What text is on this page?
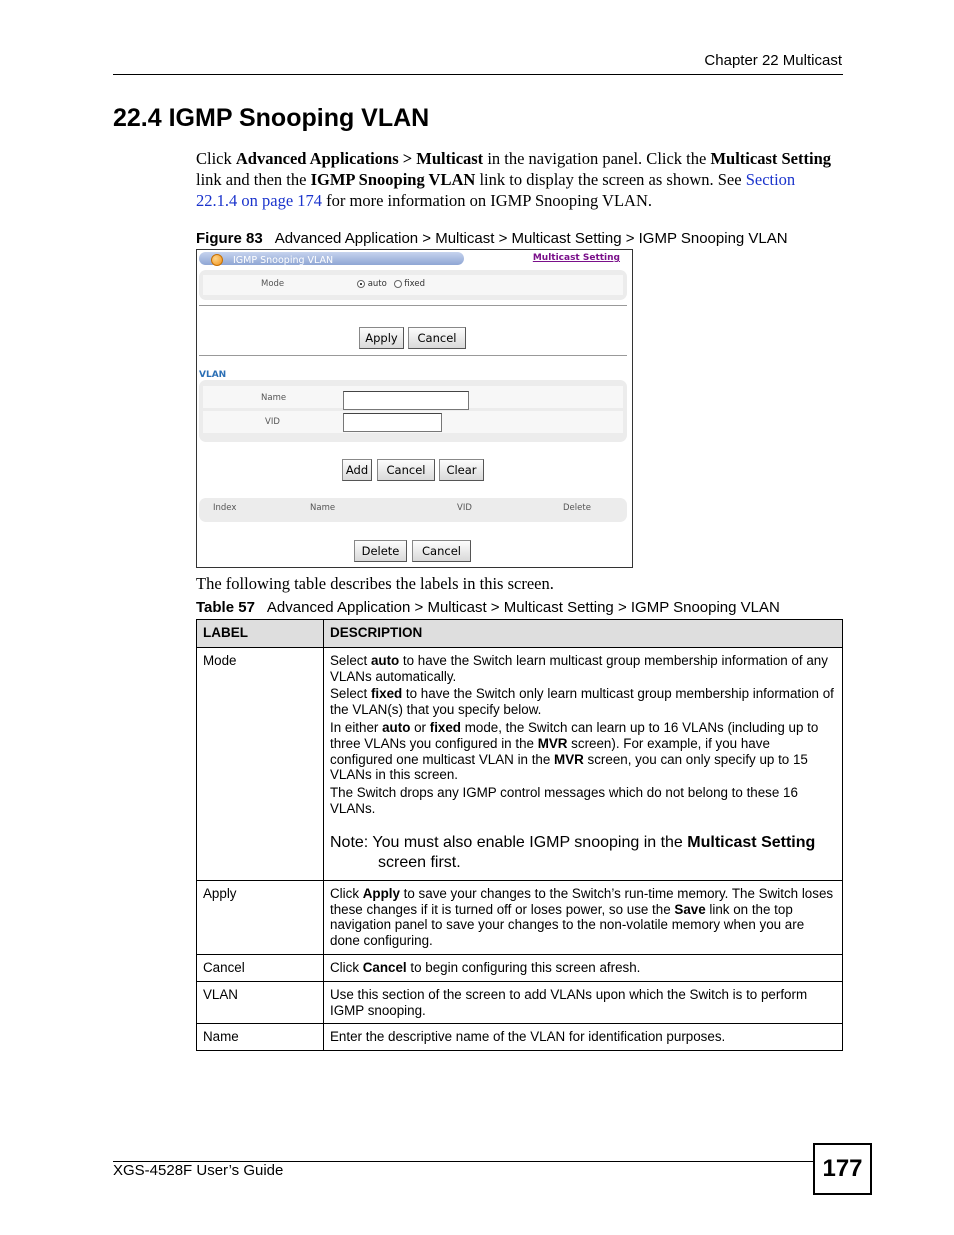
Chapter 22 Multicast
22.4 IGMP Snooping VLAN

Click Advanced Applications > Multicast in the navigation panel. Click the Multicast Setting link and then the IGMP Snooping VLAN link to display the screen as shown. See Section 22.1.4 on page 174 for more information on IGMP Snooping VLAN.

Figure 83 Advanced Application > Multicast > Multicast Setting > IGMP Snooping VLAN
IGMP Snooping VLAN	Multicast Setting
Mode	auto fixed
Apply	Cancel
VLAN
Name
VID
Add	Cancel	Clear
Index	Name	VID	Delete
Delete	Cancel
The following table describes the labels in this screen.
Table 57 Advanced Application > Multicast > Multicast Setting > IGMP Snooping VLAN
LABEL	DESCRIPTION
Mode	Select auto to have the Switch learn multicast group membership information of any VLANs automatically.

Select fixed to have the Switch only learn multicast group membership information of the VLAN(s) that you specify below.

In either auto or fixed mode, the Switch can learn up to 16 VLANs (including up to three VLANs you configured in the MVR screen). For example, if you have configured one multicast VLAN in the MVR screen, you can only specify up to 15 VLANs in this screen.

The Switch drops any IGMP control messages which do not belong to these 16 VLANs.

Note: You must also enable IGMP snooping in the Multicast Setting screen first.

Apply	Click Apply to save your changes to the Switch’s run-time memory. The Switch loses these changes if it is turned off or loses power, so use the Save link on the top navigation panel to save your changes to the non-volatile memory when you are done configuring.
Cancel	Click Cancel to begin configuring this screen afresh.
VLAN	Use this section of the screen to add VLANs upon which the Switch is to perform IGMP snooping.
Name	Enter the descriptive name of the VLAN for identification purposes.
XGS-4528F User’s Guide	177
